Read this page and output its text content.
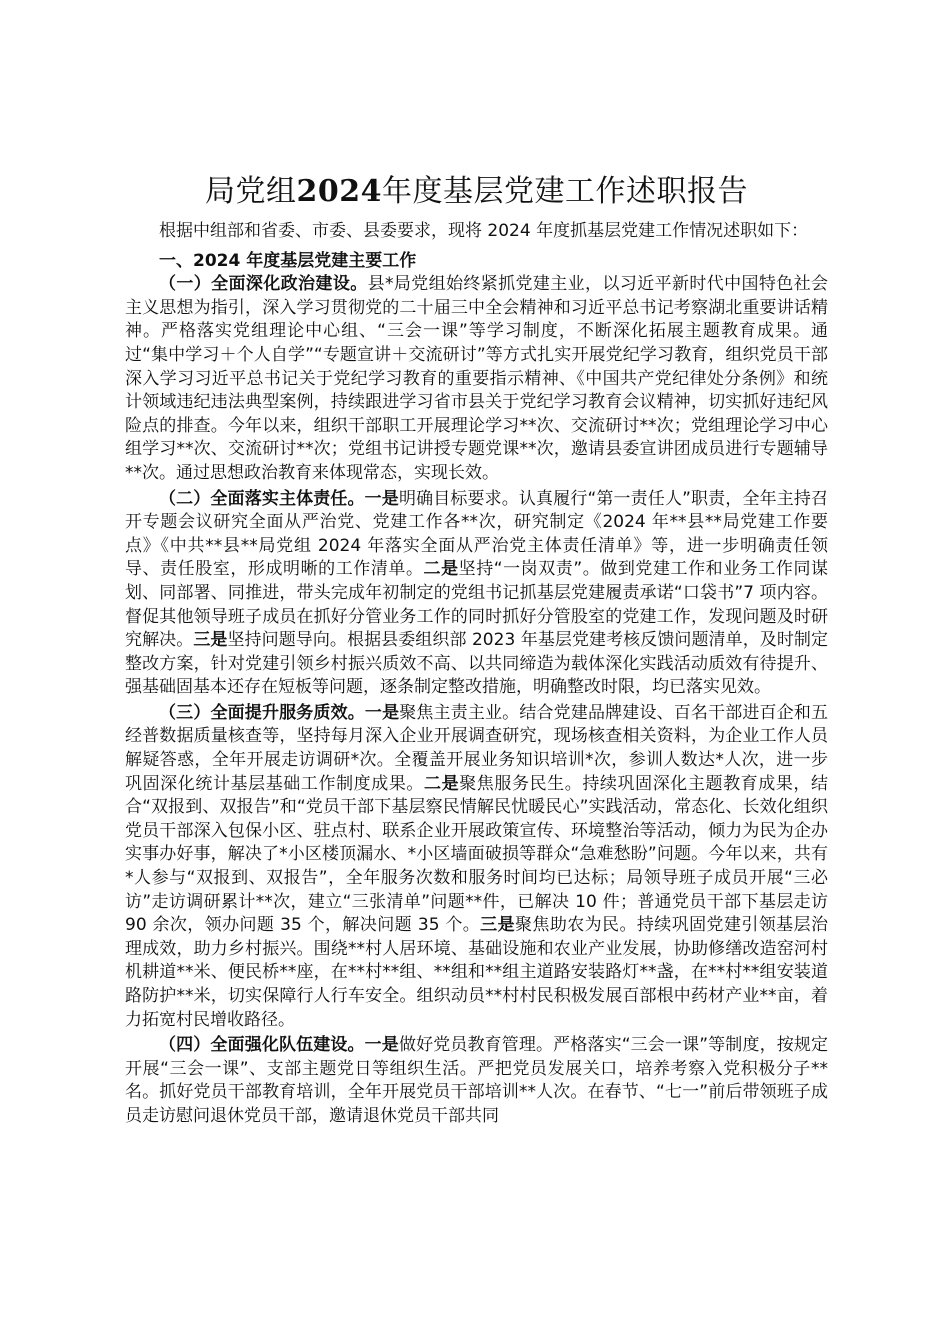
局党组2024年度基层党建工作述职报告

根据中组部和省委、市委、县委要求，现将 2024 年度抓基层党建工作情况述职如下：

一、2024 年度基层党建主要工作

（一）全面深化政治建设。县*局党组始终紧抓党建主业，以习近平新时代中国特色社会主义思想为指引，深入学习贯彻党的二十届三中全会精神和习近平总书记考察湖北重要讲话精神。严格落实党组理论中心组、“三会一课”等学习制度，不断深化拓展主题教育成果。通过“集中学习＋个人自学”“专题宣讲＋交流研讨”等方式扎实开展党纪学习教育，组织党员干部深入学习习近平总书记关于党纪学习教育的重要指示精神、《中国共产党纪律处分条例》和统计领域违纪违法典型案例，持续跟进学习省市县关于党纪学习教育会议精神，切实抓好违纪风险点的排查。今年以来，组织干部职工开展理论学习**次、交流研讨**次；党组理论学习中心组学习**次、交流研讨**次；党组书记讲授专题党课**次，邀请县委宣讲团成员进行专题辅导**次。通过思想政治教育来体现常态，实现长效。

（二）全面落实主体责任。一是明确目标要求。认真履行“第一责任人”职责，全年主持召开专题会议研究全面从严治党、党建工作各**次，研究制定《2024 年**县**局党建工作要点》《中共**县**局党组 2024 年落实全面从严治党主体责任清单》等，进一步明确责任领导、责任股室，形成明晰的工作清单。二是坚持“一岗双责”。做到党建工作和业务工作同谋划、同部署、同推进，带头完成年初制定的党组书记抓基层党建履责承诺“口袋书”7 项内容。督促其他领导班子成员在抓好分管业务工作的同时抓好分管股室的党建工作，发现问题及时研究解决。三是坚持问题导向。根据县委组织部 2023 年基层党建考核反馈问题清单，及时制定整改方案，针对党建引领乡村振兴质效不高、以共同缔造为载体深化实践活动质效有待提升、强基础固基本还存在短板等问题，逐条制定整改措施，明确整改时限，均已落实见效。

（三）全面提升服务质效。一是聚焦主责主业。结合党建品牌建设、百名干部进百企和五经普数据质量核查等，坚持每月深入企业开展调查研究，现场核查相关资料，为企业工作人员解疑答惑，全年开展走访调研*次。全覆盖开展业务知识培训*次，参训人数达*人次，进一步巩固深化统计基层基础工作制度成果。二是聚焦服务民生。持续巩固深化主题教育成果，结合“双报到、双报告”和“党员干部下基层察民情解民忧暖民心”实践活动，常态化、长效化组织党员干部深入包保小区、驻点村、联系企业开展政策宣传、环境整治等活动，倾力为民为企办实事办好事，解决了*小区楼顶漏水、*小区墙面破损等群众“急难愁盼”问题。今年以来，共有*人参与“双报到、双报告”，全年服务次数和服务时间均已达标；局领导班子成员开展“三必访”走访调研累计**次，建立“三张清单”问题**件，已解决 10 件；普通党员干部下基层走访 90 余次，领办问题 35 个，解决问题 35 个。三是聚焦助农为民。持续巩固党建引领基层治理成效，助力乡村振兴。围绕**村人居环境、基础设施和农业产业发展，协助修缮改造窑河村机耕道**米、便民桥**座，在**村**组、**组和**组主道路安装路灯**盏，在**村**组安装道路防护**米，切实保障行人行车安全。组织动员**村村民积极发展百部根中药材产业**亩，着力拓宽村民增收路径。

（四）全面强化队伍建设。一是做好党员教育管理。严格落实“三会一课”等制度，按规定开展“三会一课”、支部主题党日等组织生活。严把党员发展关口，培养考察入党积极分子**名。抓好党员干部教育培训，全年开展党员干部培训**人次。在春节、“七一”前后带领班子成员走访慰问退休党员干部，邀请退休党员干部共同
